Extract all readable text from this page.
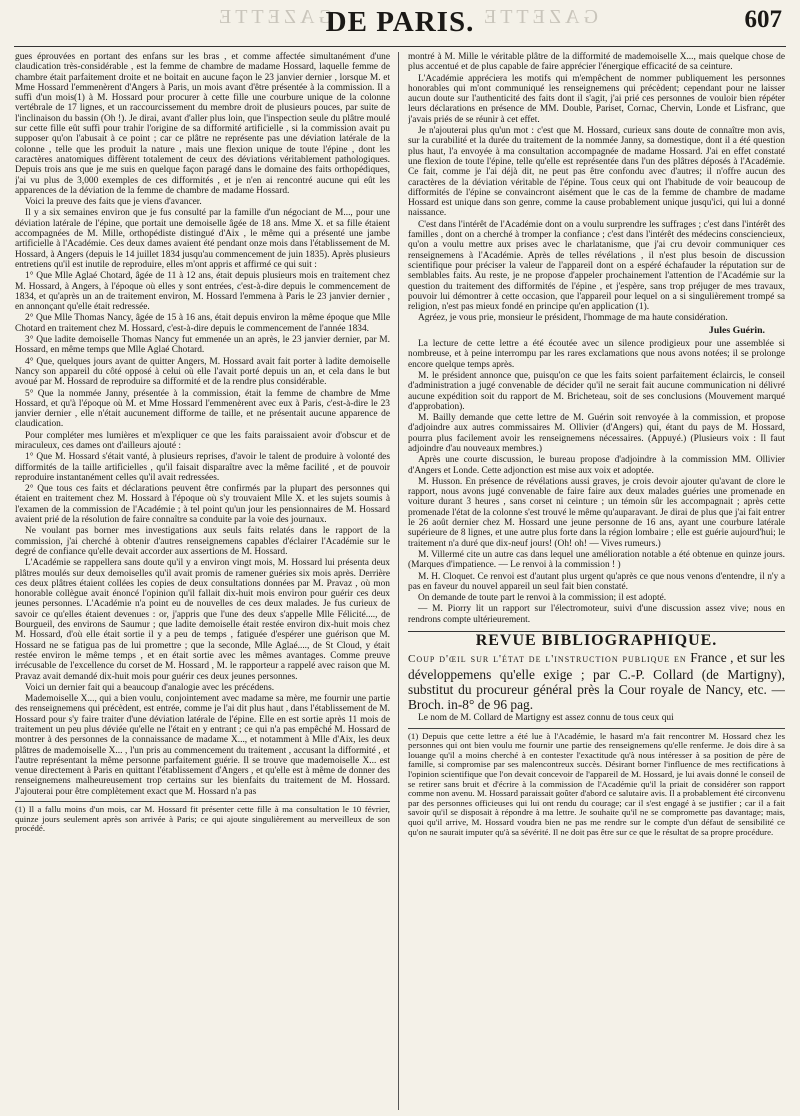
GAZETTE	GAZETTE
DE PARIS.	607

gues éprouvées en portant des enfans sur les bras , et comme affectée simultanément d'une claudication très-considérable , est la femme de chambre de madame Hossard, laquelle femme de chambre était parfaitement droite et ne boitait en aucune façon le 23 janvier dernier , lorsque M. et Mme Hossard l'emmenèrent d'Angers à Paris, un mois avant d'être présentée à la commission. Il a suffi d'un mois(1) à M. Hossard pour procurer à cette fille une courbure unique de la colonne vertébrale de 17 lignes, et un raccourcissement du membre droit de plusieurs pouces, par suite de l'inclinaison du bassin (Oh !). Je dirai, avant d'aller plus loin, que l'inspection seule du plâtre moulé sur cette fille eût suffi pour trahir l'origine de sa difformité artificielle , si la commission avait pu supposer qu'on l'abusait à ce point ; car ce plâtre ne représente pas une déviation latérale de la colonne , telle que les produit la nature , mais une flexion unique de toute l'épine , dont les caractères anatomiques diffèrent totalement de ceux des déviations véritablement pathologiques. Depuis trois ans que je me suis en quelque façon paragé dans le domaine des faits orthopédiques, j'ai vu plus de 3,000 exemples de ces difformités , et je n'en ai rencontré aucune qui eût les apparences de la déviation de la femme de chambre de madame Hossard.

Voici la preuve des faits que je viens d'avancer.

Il y a six semaines environ que je fus consulté par la famille d'un négociant de M..., pour une déviation latérale de l'épine, que portait une demoiselle âgée de 18 ans. Mme X. et sa fille étaient accompagnées de M. Mille, orthopédiste distingué d'Aix , le même qui a présenté une jambe artificielle à l'Académie. Ces deux dames avaient été pendant onze mois dans l'établissement de M. Hossard, à Angers (depuis le 14 juillet 1834 jusqu'au commencement de juin 1835). Après plusieurs entretiens qu'il est inutile de reproduire, elles m'ont appris et affirmé ce qui suit :

1° Que Mlle Aglaé Chotard, âgée de 11 à 12 ans, était depuis plusieurs mois en traitement chez M. Hossard, à Angers, à l'époque où elles y sont entrées, c'est-à-dire depuis le commencement de 1834, et qu'après un an de traitement environ, M. Hossard l'emmena à Paris le 23 janvier dernier , en annonçant qu'elle était redressée.

2° Que Mlle Thomas Nancy, âgée de 15 à 16 ans, était depuis environ la même époque que Mlle Chotard en traitement chez M. Hossard, c'est-à-dire depuis le commencement de l'année 1834.

3° Que ladite demoiselle Thomas Nancy fut emmenée un an après, le 23 janvier dernier, par M. Hossard, en même temps que Mlle Aglaé Chotard.

4° Que, quelques jours avant de quitter Angers, M. Hossard avait fait porter à ladite demoiselle Nancy son appareil du côté opposé à celui où elle l'avait porté depuis un an, et cela dans le but avoué par M. Hossard de reproduire sa difformité et de la rendre plus considérable.

5° Que la nommée Janny, présentée à la commission, était la femme de chambre de Mme Hossard, et qu'à l'époque où M. et Mme Hossard l'emmenèrent avec eux à Paris, c'est-à-dire le 23 janvier dernier , elle n'était aucunement difforme de taille, et ne présentait aucune apparence de claudication.

Pour compléter mes lumières et m'expliquer ce que les faits paraissaient avoir d'obscur et de miraculeux, ces dames ont d'ailleurs ajouté :

1° Que M. Hossard s'était vanté, à plusieurs reprises, d'avoir le talent de produire à volonté des difformités de la taille artificielles , qu'il faisait disparaître avec la même facilité , et de pouvoir reproduire instantanément celles qu'il avait redressées.

2° Que tous ces faits et déclarations peuvent être confirmés par la plupart des personnes qui étaient en traitement chez M. Hossard à l'époque où s'y trouvaient Mlle X. et les sujets soumis à l'examen de la commission de l'Académie ; à tel point qu'un jour les pensionnaires de M. Hossard avaient prié de la résolution de faire connaître sa conduite par la voie des journaux.

Ne voulant pas borner mes investigations aux seuls faits relatés dans le rapport de la commission, j'ai cherché à obtenir d'autres renseignemens capables d'éclairer l'Académie sur le degré de confiance qu'elle devait accorder aux assertions de M. Hossard.

L'Académie se rappellera sans doute qu'il y a environ vingt mois, M. Hossard lui présenta deux plâtres moulés sur deux demoiselles qu'il avait promis de ramener guéries six mois après. Derrière ces deux plâtres étaient collées les copies de deux consultations données par M. Pravaz , où mon honorable collègue avait énoncé l'opinion qu'il fallait dix-huit mois environ pour guérir ces deux jeunes personnes. L'Académie n'a point eu de nouvelles de ces deux malades. Je fus curieux de savoir ce qu'elles étaient devenues : or, j'appris que l'une des deux s'appelle Mlle Félicité...., de Bourgueil, des environs de Saumur ; que ladite demoiselle était restée environ dix-huit mois chez M. Hossard, d'où elle était sortie il y a peu de temps , fatiguée d'espérer une guérison que M. Hossard ne se fatigua pas de lui promettre ; que la seconde, Mlle Aglaé...., de St Cloud, y était restée environ le même temps , et en était sortie avec les mêmes avantages. Comme preuve irrécusable de l'excellence du corset de M. Hossard , M. le rapporteur a rappelé avec raison que M. Pravaz avait demandé dix-huit mois pour guérir ces deux jeunes personnes.

Voici un dernier fait qui a beaucoup d'analogie avec les précédens.

Mademoiselle X..., qui a bien voulu, conjointement avec madame sa mère, me fournir une partie des renseignemens qui précèdent, est entrée, comme je l'ai dit plus haut , dans l'établissement de M. Hossard pour s'y faire traiter d'une déviation latérale de l'épine. Elle en est sortie après 11 mois de traitement un peu plus déviée qu'elle ne l'était en y entrant ; ce qui n'a pas empêché M. Hossard de montrer à des personnes de la connaissance de madame X..., et notamment à Mlle d'Aix, les deux plâtres de mademoiselle X... , l'un pris au commencement du traitement , accusant la difformité , et l'autre représentant la même personne parfaitement guérie. Il se trouve que mademoiselle X... est venue directement à Paris en quittant l'établissement d'Angers , et qu'elle est à même de donner des renseignemens malheureusement trop certains sur les bienfaits du traitement de M. Hossard. J'ajouterai pour être complètement exact que M. Hossard n'a pas

(1) Il a fallu moins d'un mois, car M. Hossard fit présenter cette fille à ma consultation le 10 février, quinze jours seulement après son arrivée à Paris; ce qui ajoute singulièrement au merveilleux de son procédé.

montré à M. Mille le véritable plâtre de la difformité de mademoiselle X..., mais quelque chose de plus accentué et de plus capable de faire apprécier l'énergique efficacité de sa ceinture.

L'Académie appréciera les motifs qui m'empêchent de nommer publiquement les personnes honorables qui m'ont communiqué les renseignemens qui précèdent; cependant pour ne laisser aucun doute sur l'authenticité des faits dont il s'agit, j'ai prié ces personnes de vouloir bien répéter leurs déclarations en présence de MM. Double, Pariset, Cornac, Chervin, Londe et Lisfranc, que j'avais priés de se réunir à cet effet.

Je n'ajouterai plus qu'un mot : c'est que M. Hossard, curieux sans doute de connaître mon avis, sur la curabilité et la durée du traitement de la nommée Janny, sa domestique, dont il a été question plus haut, l'a envoyée à ma consultation accompagnée de madame Hossard. J'ai en effet constaté une flexion de toute l'épine, telle qu'elle est représentée dans l'un des plâtres déposés à l'Académie. Ce fait, comme je l'ai déjà dit, ne peut pas être confondu avec d'autres; il n'offre aucun des caractères de la déviation véritable de l'épine. Tous ceux qui ont l'habitude de voir beaucoup de difformités de l'épine se convaincront aisément que le cas de la femme de chambre de madame Hossard est unique dans son genre, comme la cause probablement unique jusqu'ici, qui lui a donné naissance.

C'est dans l'intérêt de l'Académie dont on a voulu surprendre les suffrages ; c'est dans l'intérêt des familles , dont on a cherché à tromper la confiance ; c'est dans l'intérêt des médecins consciencieux, qu'on a voulu mettre aux prises avec le charlatanisme, que j'ai cru devoir communiquer ces renseignemens à l'Académie. Après de telles révélations , il n'est plus besoin de discussion scientifique pour préciser la valeur de l'appareil dont on a espéré échafauder la réputation sur de semblables faits. Au reste, je ne propose d'appeler prochainement l'attention de l'Académie sur la question du traitement des difformités de l'épine , et j'espère, sans trop préjuger de mes travaux, pouvoir lui démontrer à cette occasion, que l'appareil pour lequel on a si singulièrement trompé sa religion, n'est pas mieux fondé en principe qu'en application (1).

Agréez, je vous prie, monsieur le président, l'hommage de ma haute considération.

Jules Guérin.

La lecture de cette lettre a été écoutée avec un silence prodigieux pour une assemblée si nombreuse, et à peine interrompu par les rares exclamations que nous avons notées; il se prolonge encore quelque temps après.

M. le président annonce que, puisqu'on ce que les faits soient parfaitement éclaircis, le conseil d'administration a jugé convenable de décider qu'il ne serait fait aucune communication ni délivré aucune expédition soit du rapport de M. Bricheteau, soit de ses conclusions (Mouvement marqué d'approbation).

M. Bailly demande que cette lettre de M. Guérin soit renvoyée à la commission, et propose d'adjoindre aux autres commissaires M. Ollivier (d'Angers) qui, étant du pays de M. Hossard, pourra plus facilement avoir les renseignemens nécessaires. (Appuyé.) (Plusieurs voix : Il faut adjoindre d'au nouveaux membres.)

Après une courte discussion, le bureau propose d'adjoindre à la commission MM. Ollivier d'Angers et Londe. Cette adjonction est mise aux voix et adoptée.

M. Husson. En présence de révélations aussi graves, je crois devoir ajouter qu'avant de clore le rapport, nous avons jugé convenable de faire faire aux deux malades guéries une promenade en voiture durant 3 heures , sans corset ni ceinture ; un témoin sûr les accompagnait ; après cette promenade l'état de la colonne s'est trouvé le même qu'auparavant. Je dirai de plus que j'ai fait entrer le 26 août dernier chez M. Hossard une jeune personne de 16 ans, ayant une courbure latérale supérieure de 8 lignes, et une autre plus forte dans la région lombaire ; elle est guérie aujourd'hui; le traitement n'a duré que dix-neuf jours! (Oh! oh! — Vives rumeurs.)

M. Villermé cite un autre cas dans lequel une amélioration notable a été obtenue en quinze jours. (Marques d'impatience. — Le renvoi à la commission ! )

M. H. Cloquet. Ce renvoi est d'autant plus urgent qu'après ce que nous venons d'entendre, il n'y a pas en faveur du nouvel appareil un seul fait bien constaté.

On demande de toute part le renvoi à la commission; il est adopté.

— M. Piorry lit un rapport sur l'électromoteur, suivi d'une discussion assez vive; nous en rendrons compte ultérieurement.

REVUE BIBLIOGRAPHIQUE.

Coup d'œil sur l'état de l'instruction publique en France , et sur les développemens qu'elle exige ; par C.-P. Collard (de Martigny), substitut du procureur général près la Cour royale de Nancy, etc. — Broch. in-8° de 96 pag.

Le nom de M. Collard de Martigny est assez connu de tous ceux qui

(1) Depuis que cette lettre a été lue à l'Académie, le hasard m'a fait rencontrer M. Hossard chez les personnes qui ont bien voulu me fournir une partie des renseignemens qu'elle renferme. Je dois dire à sa louange qu'il a moins cherché à en contester l'exactitude qu'à nous intéresser à sa position de père de famille, si compromise par ses malencontreux succès. Désirant borner l'influence de mes rectifications à l'opinion scientifique que l'on devait concevoir de l'appareil de M. Hossard, je lui avais donné le conseil de se retirer sans bruit et d'écrire à la commission de l'Académie qu'il la priait de considérer son rapport comme non avenu. M. Hossard paraissait goûter d'abord ce salutaire avis. Il a probablement été circonvenu par des personnes officieuses qui lui ont rendu du courage; car il s'est engagé à se justifier ; car il a fait savoir qu'il se disposait à répondre à ma lettre. Je souhaite qu'il ne se compromette pas davantage; mais, quoi qu'il arrive, M. Hossard voudra bien ne pas me rendre sur le compte d'un défaut de sensibilité ce qu'on ne saurait imputer qu'à sa sévérité. Il ne doit pas être sur ce que le résultat de sa propre procédure.
